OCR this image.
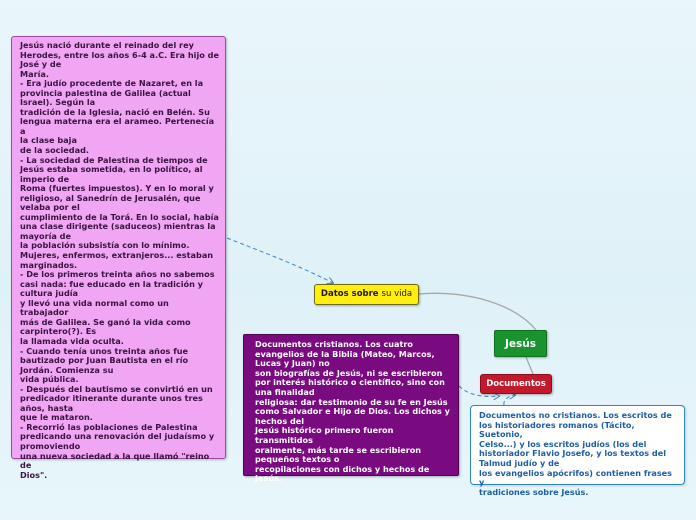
Jesús nació durante el reinado del rey
Herodes, entre los años 6-4 a.C. Era hijo de
José y de
María.
- Era judío procedente de Nazaret, en la
provincia palestina de Galilea (actual
Israel). Según la
tradición de la Iglesia, nació en Belén. Su
lengua materna era el arameo. Pertenecía a
la clase baja
de la sociedad.
- La sociedad de Palestina de tiempos de
Jesús estaba sometida, en lo político, al
imperio de
Roma (fuertes impuestos). Y en lo moral y
religioso, al Sanedrín de Jerusalén, que
velaba por el
cumplimiento de la Torá. En lo social, había
una clase dirigente (saduceos) mientras la
mayoría de
la población subsistía con lo mínimo.
Mujeres, enfermos, extranjeros... estaban
marginados.
- De los primeros treinta años no sabemos
casi nada: fue educado en la tradición y
cultura judía
y llevó una vida normal como un trabajador
más de Galilea. Se ganó la vida como
carpintero(?). Es
la llamada vida oculta.
- Cuando tenía unos treinta años fue
bautizado por Juan Bautista en el río
Jordán. Comienza su
vida pública.
- Después del bautismo se convirtió en un
predicador itinerante durante unos tres
años, hasta
que le mataron.
- Recorrió las poblaciones de Palestina
predicando una renovación del judaísmo y
promoviendo
una nueva sociedad a la que llamó "reino de
Dios".
Datos sobre su vida
Jesús
Documentos
Documentos cristianos. Los cuatro
evangelios de la Biblia (Mateo, Marcos,
Lucas y Juan) no
son biografías de Jesús, ni se escribieron
por interés histórico o científico, sino con
una finalidad
religiosa: dar testimonio de su fe en Jesús
como Salvador e Hijo de Dios. Los dichos y
hechos del
Jesús histórico primero fueron transmitidos
oralmente, más tarde se escribieron
pequeños textos o
recopilaciones con dichos y hechos de
Jesús.
Documentos no cristianos. Los escritos de
los historiadores romanos (Tácito, Suetonio,
Celso...) y los escritos judíos (los del
historiador Flavio Josefo, y los textos del
Talmud judío y de
los evangelios apócrifos) contienen frases y
tradiciones sobre Jesús.
